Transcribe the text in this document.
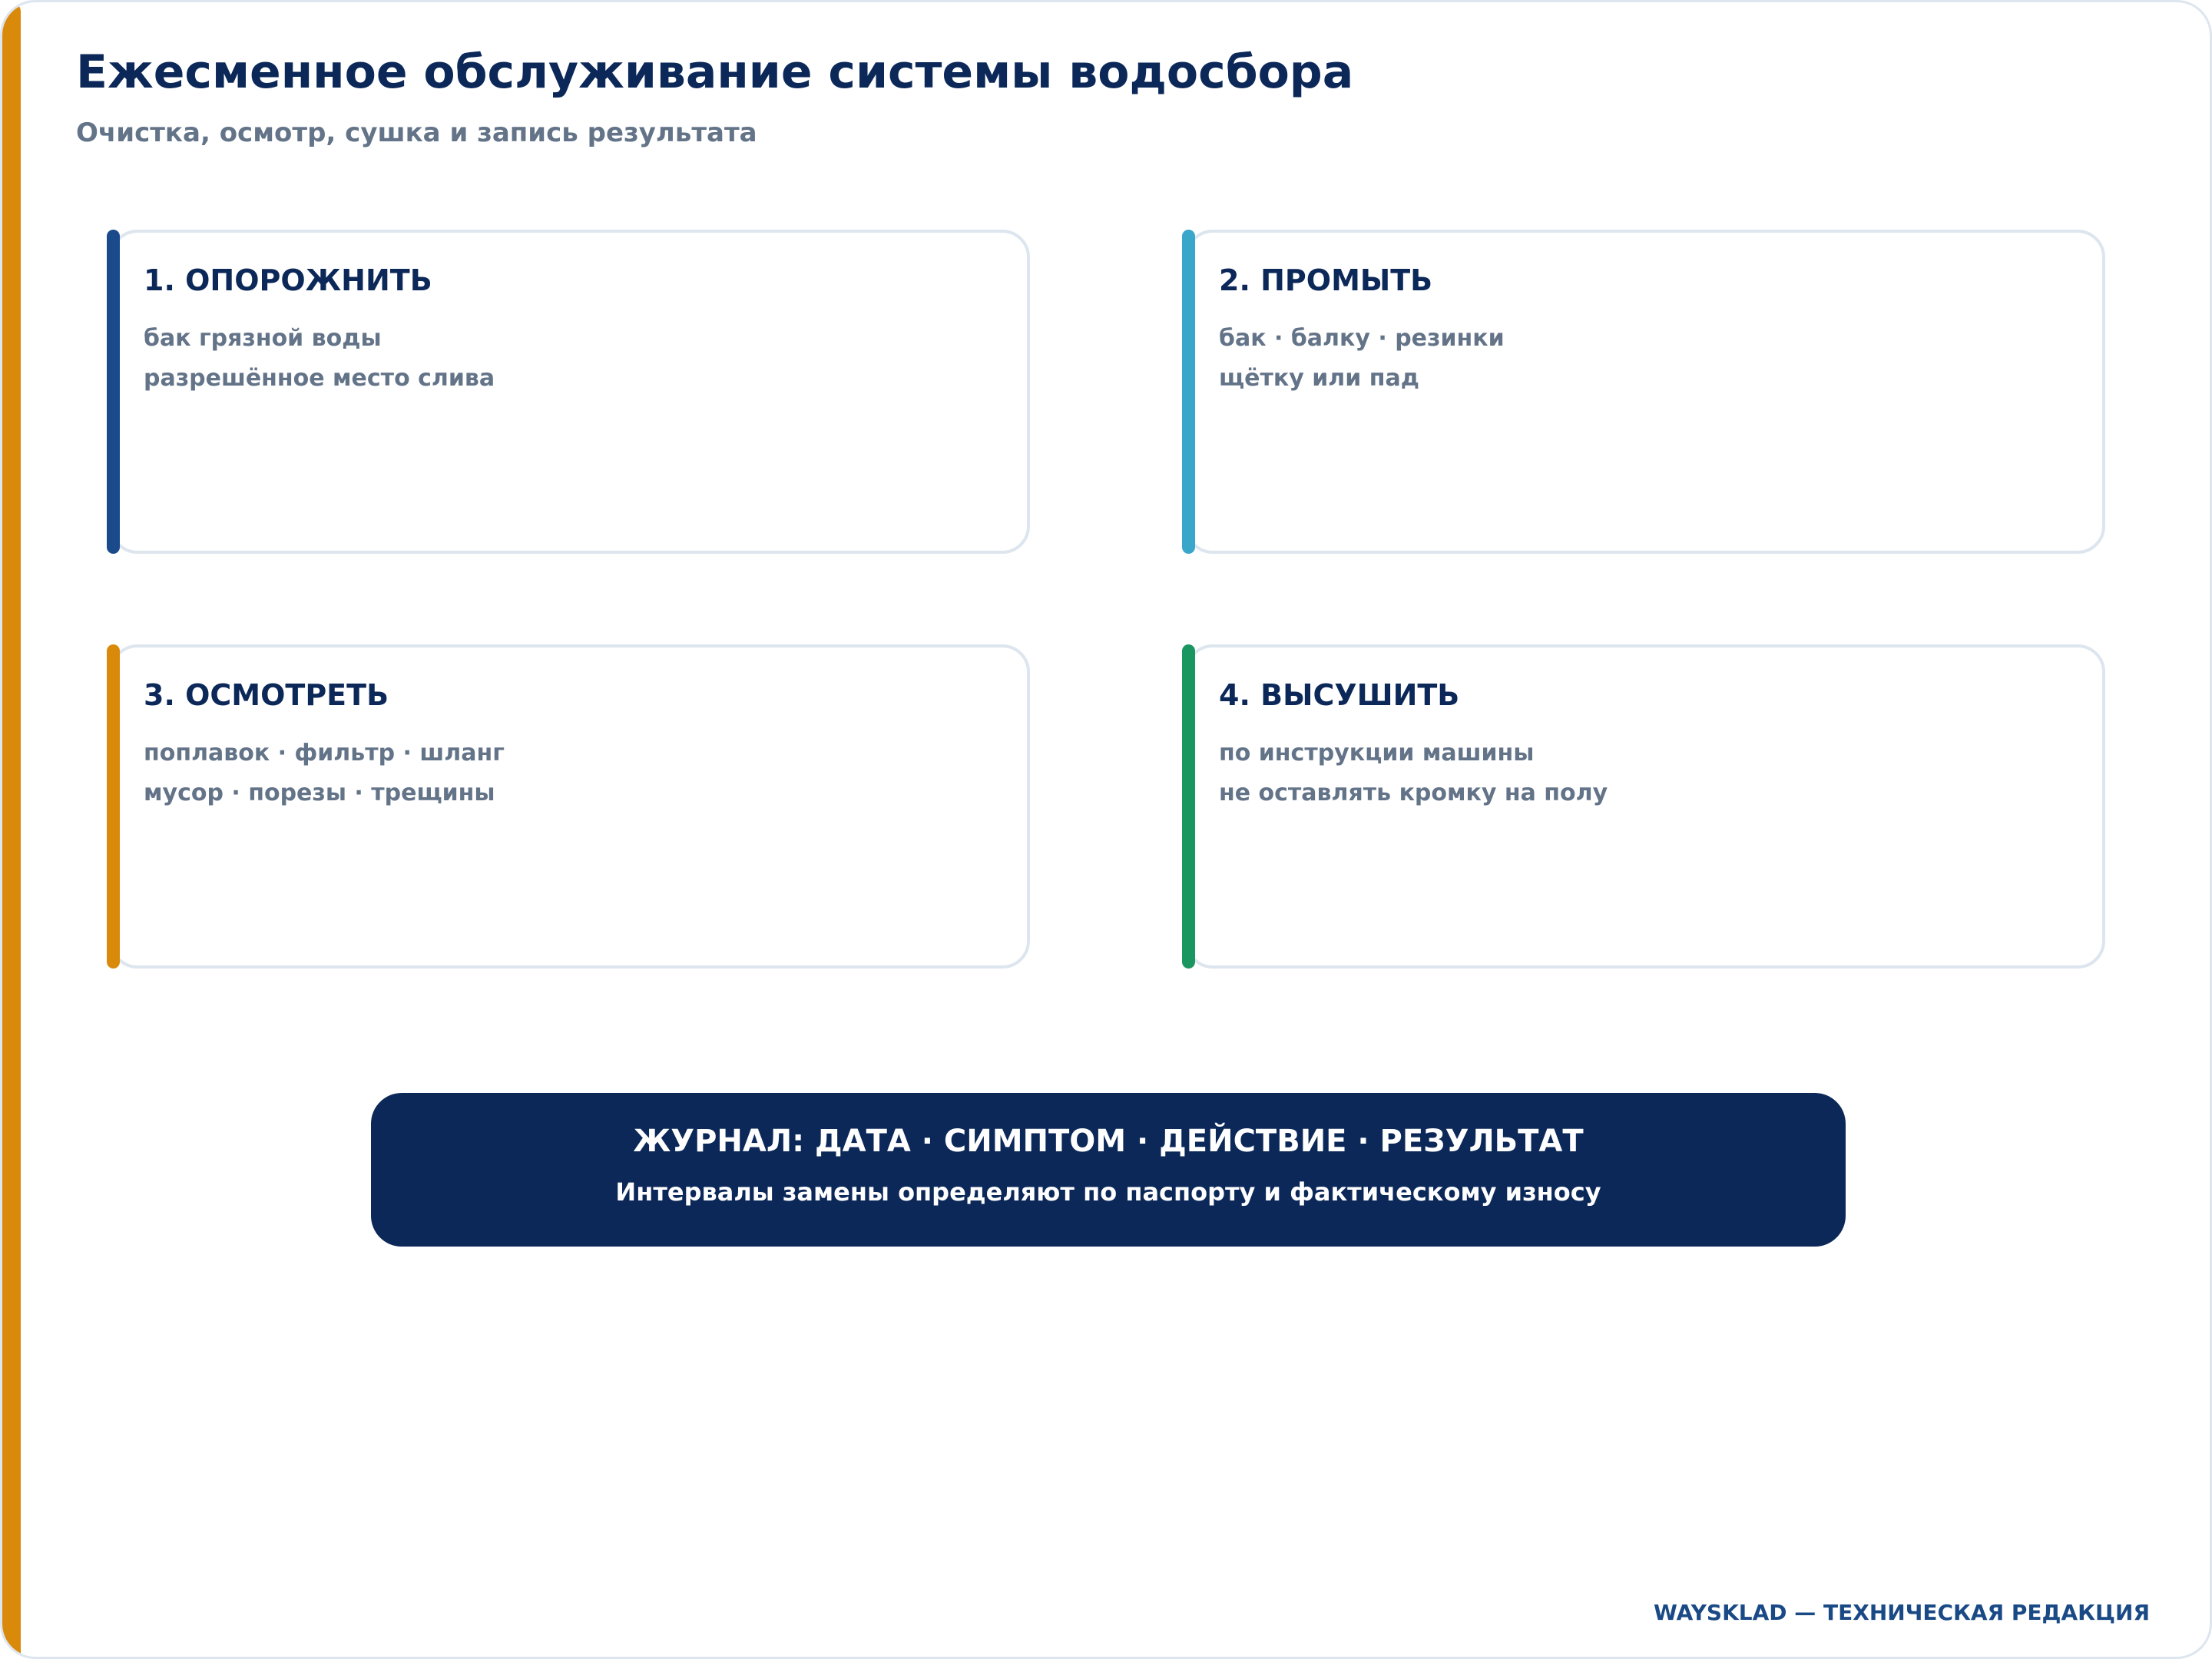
Ежесменное обслуживание системы водосбора
Очистка, осмотр, сушка и запись результата
1. ОПОРОЖНИТЬ
бак грязной воды
разрешённое место слива
2. ПРОМЫТЬ
бак · балку · резинки
щётку или пад
3. ОСМОТРЕТЬ
поплавок · фильтр · шланг
мусор · порезы · трещины
4. ВЫСУШИТЬ
по инструкции машины
не оставлять кромку на полу
ЖУРНАЛ: ДАТА · СИМПТОМ · ДЕЙСТВИЕ · РЕЗУЛЬТАТ
Интервалы замены определяют по паспорту и фактическому износу
WAYSKLAD — ТЕХНИЧЕСКАЯ РЕДАКЦИЯ
